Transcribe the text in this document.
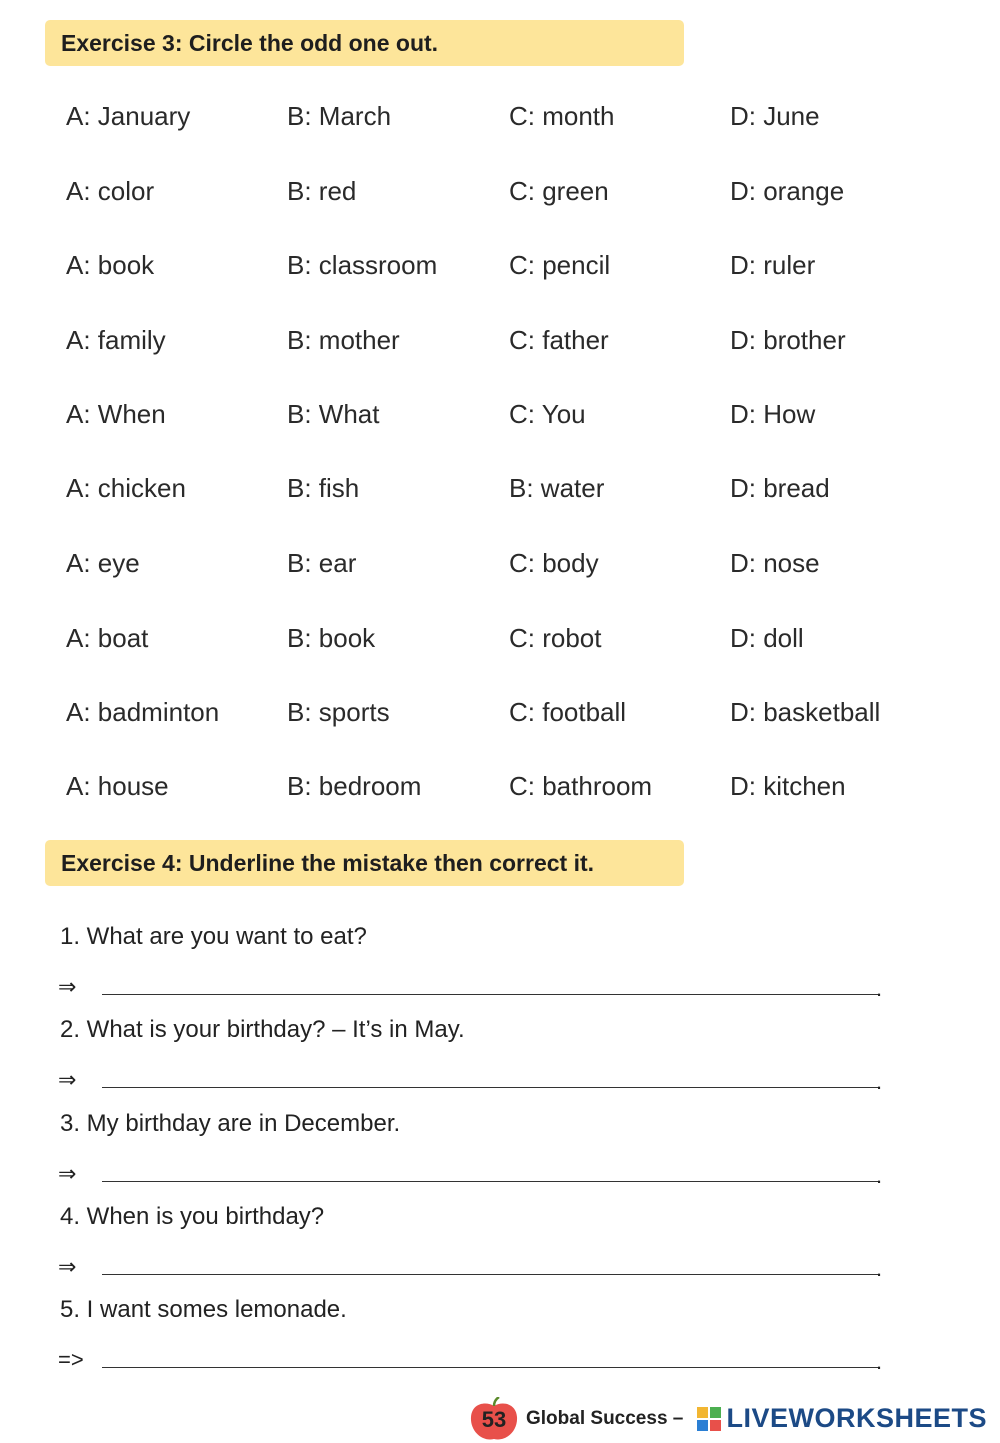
Exercise 3: Circle the odd one out.
A: January	B: March	C: month	D: June
A: color	B: red	C: green	D: orange
A: book	B: classroom	C: pencil	D: ruler
A: family	B: mother	C: father	D: brother
A: When	B: What	C: You	D: How
A: chicken	B: fish	B: water	D: bread
A: eye	B: ear	C: body	D: nose
A: boat	B: book	C: robot	D: doll
A: badminton	B: sports	C: football	D: basketball
A: house	B: bedroom	C: bathroom	D: kitchen
Exercise 4: Underline the mistake then correct it.
1. What are you want to eat?
⇒	.
2. What is your birthday? – It’s in May.
⇒	.
3. My birthday are in December.
⇒	.
4. When is you birthday?
⇒	.
5. I want somes lemonade.
=>	.
53	Global Success –	LIVEWORKSHEETS
